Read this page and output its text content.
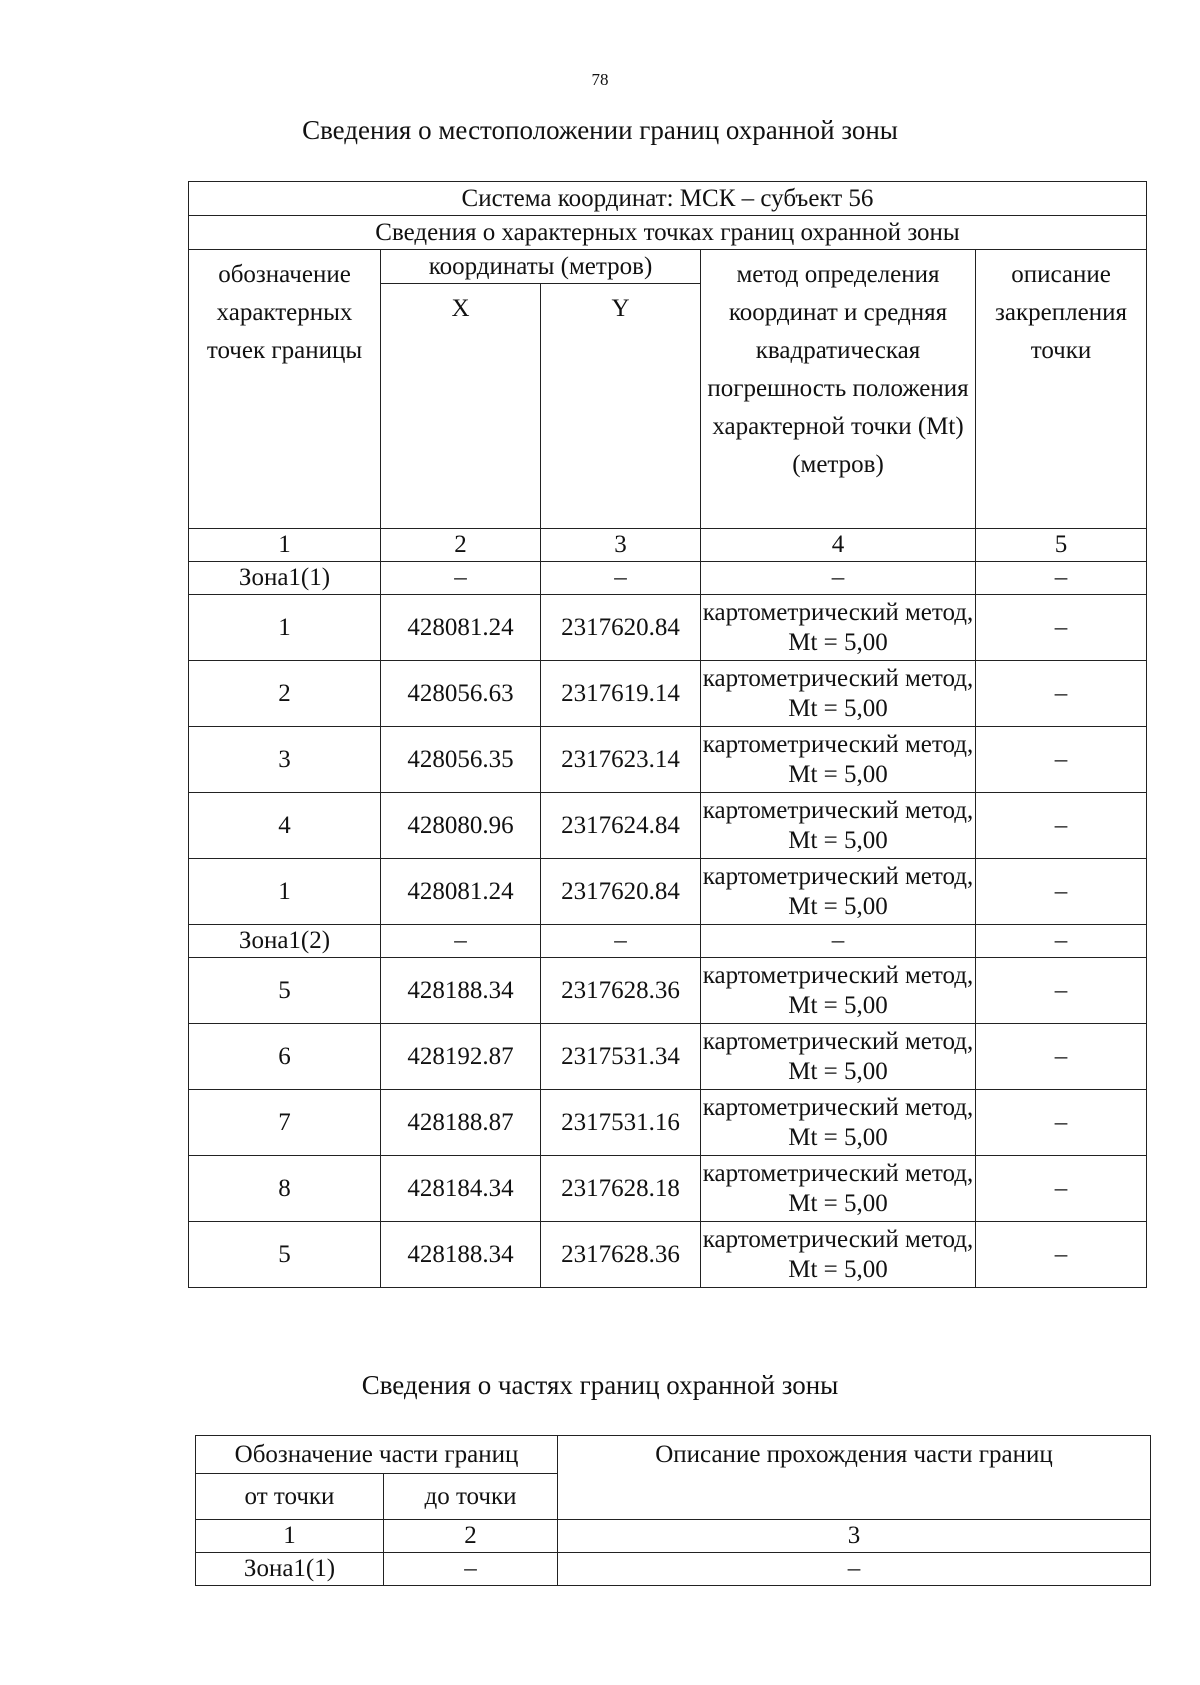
78
Сведения о местоположении границ охранной зоны
Система координат: МСК – субъект 56				
Сведения о характерных точках границ охранной зоны				
обозначение характерных точек границы	координаты (метров)		метод определения координат и средняя квадратическая погрешность положения характерной точки (Mt) (метров)	описание закрепления точки
	X	Y		
1	2	3	4	5
Зона1(1)	–	–	–	–
1	428081.24	2317620.84	картометрический метод, Mt = 5,00	–
2	428056.63	2317619.14	картометрический метод, Mt = 5,00	–
3	428056.35	2317623.14	картометрический метод, Mt = 5,00	–
4	428080.96	2317624.84	картометрический метод, Mt = 5,00	–
1	428081.24	2317620.84	картометрический метод, Mt = 5,00	–
Зона1(2)	–	–	–	–
5	428188.34	2317628.36	картометрический метод, Mt = 5,00	–
6	428192.87	2317531.34	картометрический метод, Mt = 5,00	–
7	428188.87	2317531.16	картометрический метод, Mt = 5,00	–
8	428184.34	2317628.18	картометрический метод, Mt = 5,00	–
5	428188.34	2317628.36	картометрический метод, Mt = 5,00	–
Сведения о частях границ охранной зоны
Обозначение части границ		Описание прохождения части границ
от точки	до точки	
1	2	3
Зона1(1)	–	–
